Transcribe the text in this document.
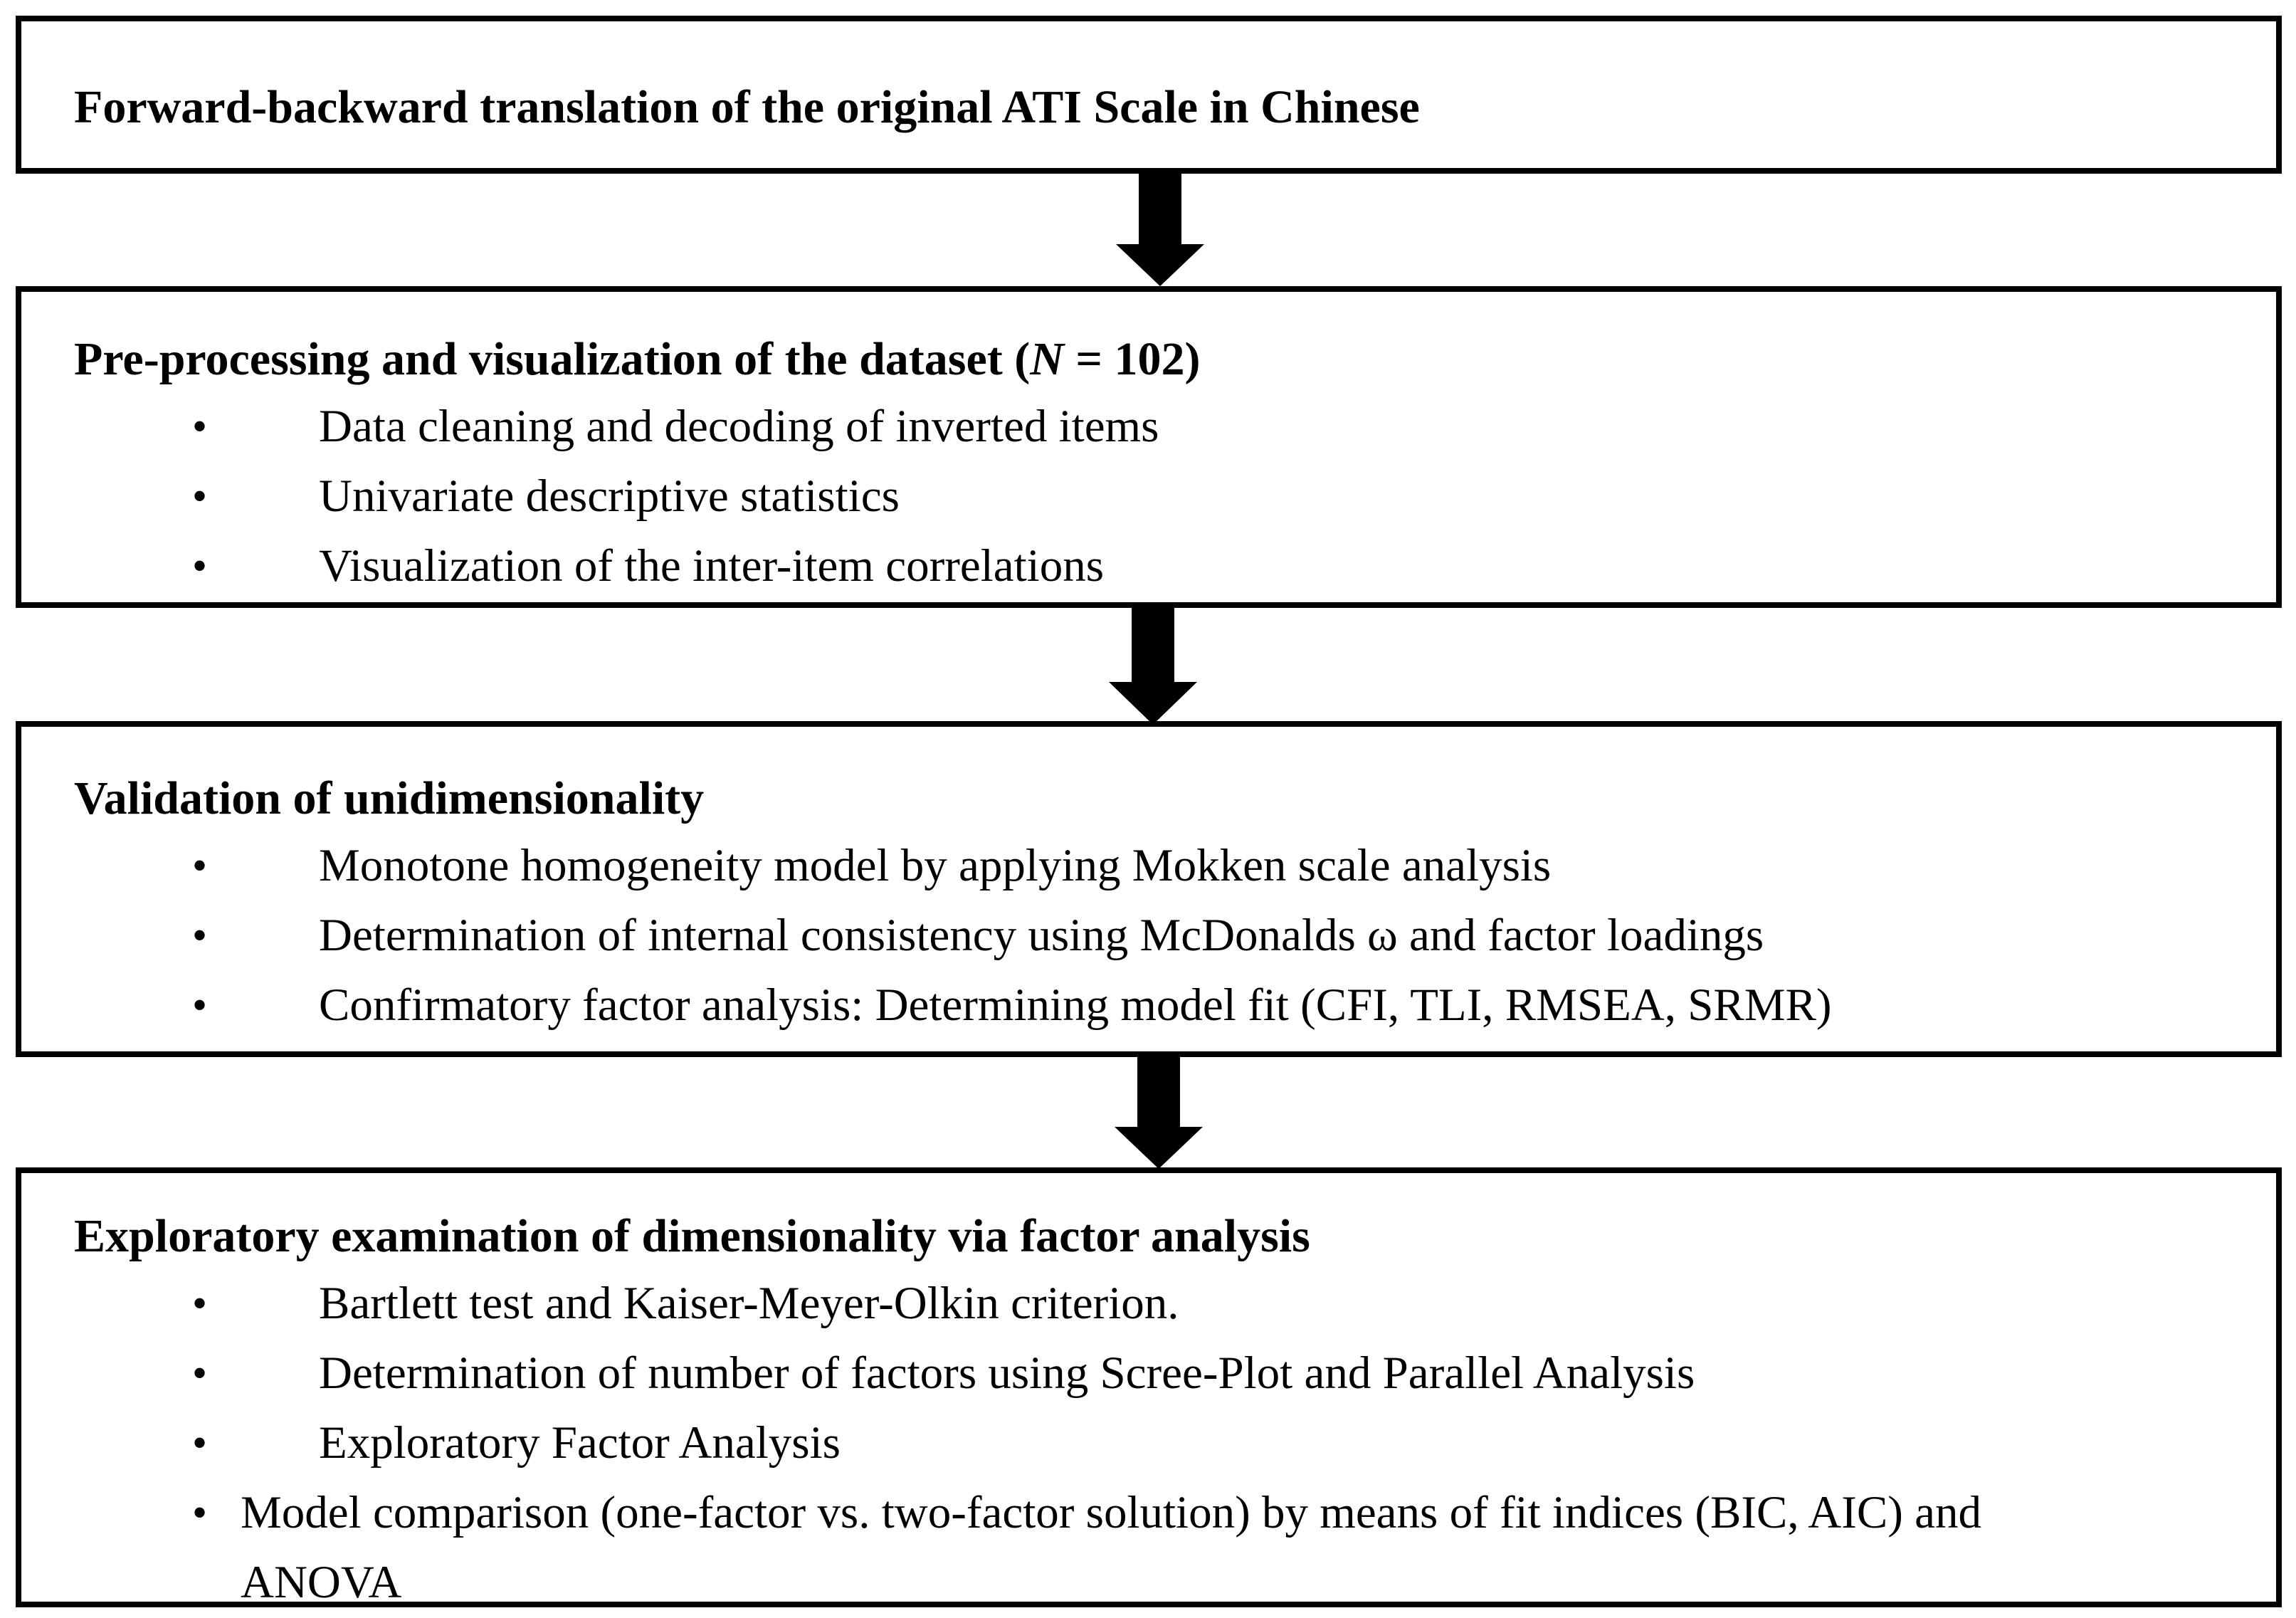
Forward-backward translation of the original ATI Scale in Chinese
Pre-processing and visualization of the dataset (N = 102)
• Data cleaning and decoding of inverted items
• Univariate descriptive statistics
• Visualization of the inter-item correlations
Validation of unidimensionality
• Monotone homogeneity model by applying Mokken scale analysis
• Determination of internal consistency using McDonalds ω and factor loadings
• Confirmatory factor analysis: Determining model fit (CFI, TLI, RMSEA, SRMR)
Exploratory examination of dimensionality via factor analysis
• Bartlett test and Kaiser-Meyer-Olkin criterion.
• Determination of number of factors using Scree-Plot and Parallel Analysis
• Exploratory Factor Analysis
• Model comparison (one-factor vs. two-factor solution) by means of fit indices (BIC, AIC) and ANOVA
